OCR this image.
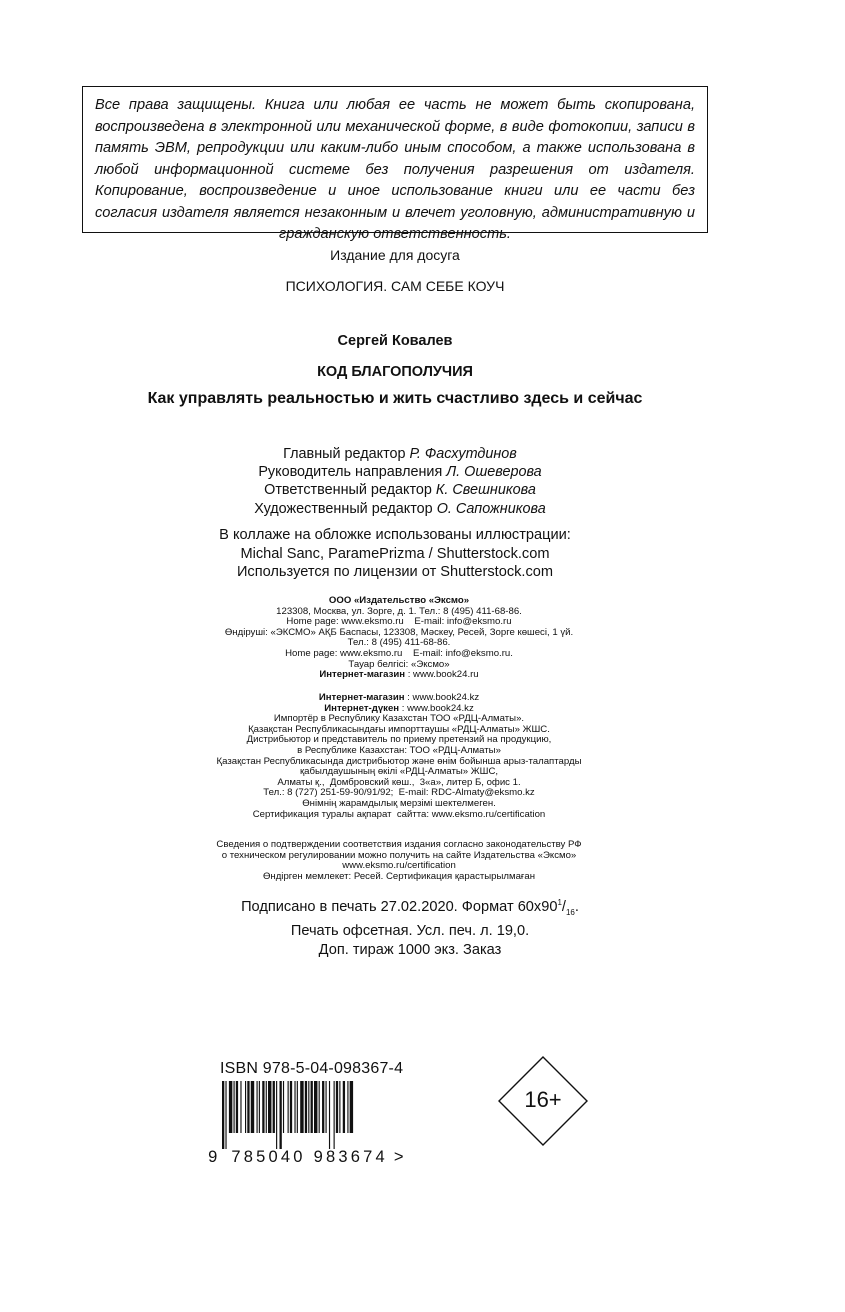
Все права защищены. Книга или любая ее часть не может быть скопирована, воспроизведена в электронной или механической форме, в виде фотокопии, записи в память ЭВМ, репродукции или каким-либо иным способом, а также использована в любой информационной системе без получения разрешения от издателя. Копирование, воспроизведение и иное использование книги или ее части без согласия издателя является незаконным и влечет уголовную, административную и гражданскую ответственность.
Издание для досуга
ПСИХОЛОГИЯ. САМ СЕБЕ КОУЧ
Сергей Ковалев
КОД БЛАГОПОЛУЧИЯ
Как управлять реальностью и жить счастливо здесь и сейчас
Главный редактор Р. Фасхутдинов
Руководитель направления Л. Ошеверова
Ответственный редактор К. Свешникова
Художественный редактор О. Сапожникова
В коллаже на обложке использованы иллюстрации:
Michal Sanc, ParamePrizma / Shutterstock.com
Используется по лицензии от Shutterstock.com
ООО «Издательство «Эксмо»
123308, Москва, ул. Зорге, д. 1. Тел.: 8 (495) 411-68-86.
Home page: www.eksmo.ru    E-mail: info@eksmo.ru
Өндіруші: «ЭКСМО» АҚБ Баспасы, 123308, Мәскеу, Ресей, Зорге көшесі, 1 үй.
Тел.: 8 (495) 411-68-86.
Home page: www.eksmo.ru    E-mail: info@eksmo.ru.
Тауар белгісі: «Эксмо»
Интернет-магазин : www.book24.ru
Интернет-магазин : www.book24.kz
Интернет-дүкен : www.book24.kz
Импортёр в Республику Казахстан ТОО «РДЦ-Алматы».
Қазақстан Республикасындағы импорттаушы «РДЦ-Алматы» ЖШС.
Дистрибьютор и представитель по приему претензий на продукцию,
в Республике Казахстан: ТОО «РДЦ-Алматы»
Қазақстан Республикасында дистрибьютор және өнім бойынша арыз-талаптарды
қабылдаушының өкілі «РДЦ-Алматы» ЖШС,
Алматы қ.,  Домбровский көш.,  3«а», литер Б, офис 1.
Тел.: 8 (727) 251-59-90/91/92;  E-mail: RDC-Almaty@eksmo.kz
Өнімнің жарамдылық мерзімі шектелмеген.
Сертификация туралы ақпарат  сайтта: www.eksmo.ru/certification
Сведения о подтверждении соответствия издания согласно законодательству РФ
о техническом регулировании можно получить на сайте Издательства «Эксмо»
www.eksmo.ru/certification
Өндірген мемлекет: Ресей. Сертификация қарастырылмаған
Подписано в печать 27.02.2020. Формат $60x90^1/_{16}$.
Печать офсетная. Усл. печ. л. 19,0.
Доп. тираж 1000 экз. Заказ
ISBN 978-5-04-098367-4

9 785040 983674 >

16+
